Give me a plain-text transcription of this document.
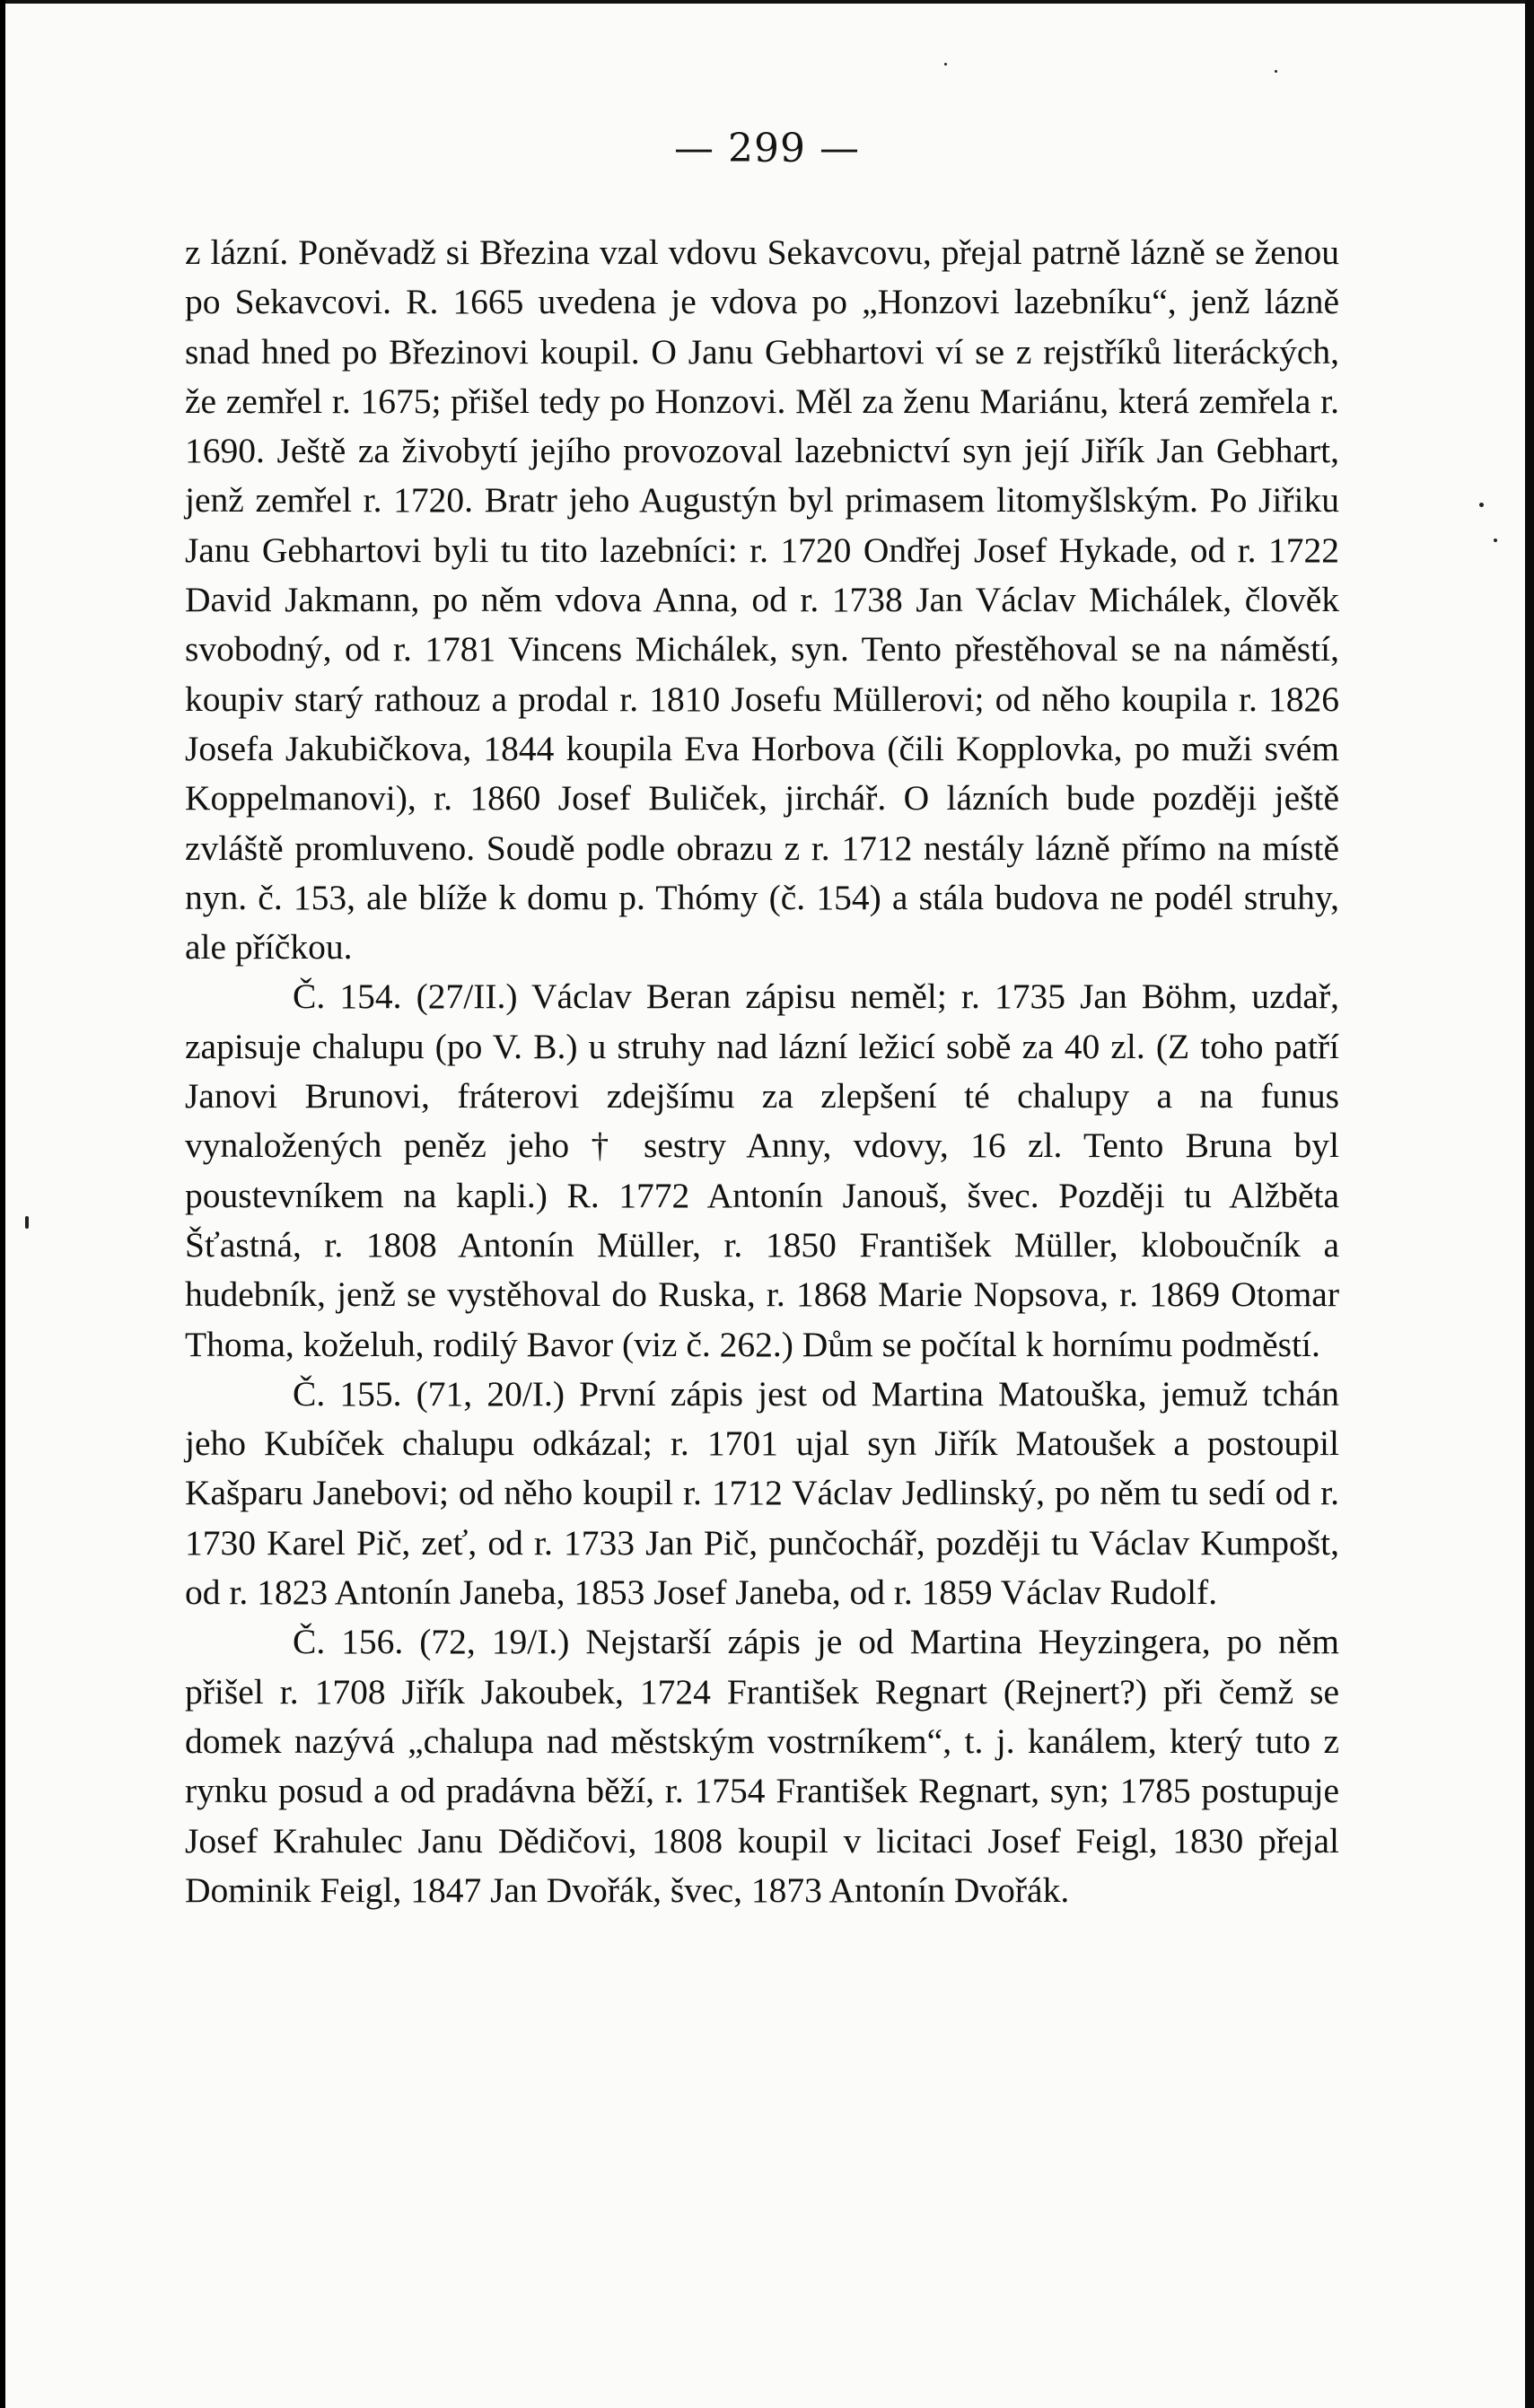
— 299 —

z lázní. Poněvadž si Březina vzal vdovu Sekavcovu, přejal patrně lázně se ženou po Sekavcovi. R. 1665 uvedena je vdova po „Honzovi lazebníku“, jenž lázně snad hned po Březinovi koupil. O Janu Gebhartovi ví se z rejstříků literáckých, že zemřel r. 1675; přišel tedy po Honzovi. Měl za ženu Mariánu, která zemřela r. 1690. Ještě za živobytí jejího provozoval lazebnictví syn její Jiřík Jan Gebhart, jenž zemřel r. 1720. Bratr jeho Augustýn byl primasem litomyšlským. Po Jiřiku Janu Gebhartovi byli tu tito lazebníci: r. 1720 Ondřej Josef Hykade, od r. 1722 David Jakmann, po něm vdova Anna, od r. 1738 Jan Václav Michálek, člověk svobodný, od r. 1781 Vincens Michálek, syn. Tento přestěhoval se na náměstí, koupiv starý rathouz a prodal r. 1810 Josefu Müllerovi; od něho koupila r. 1826 Josefa Jakubičkova, 1844 koupila Eva Horbova (čili Kopplovka, po muži svém Koppelmanovi), r. 1860 Josef Buliček, jirchář. O lázních bude později ještě zvláště promluveno. Soudě podle obrazu z r. 1712 nestály lázně přímo na místě nyn. č. 153, ale blíže k domu p. Thómy (č. 154) a stála budova ne podél struhy, ale příčkou.

Č. 154. (27/II.) Václav Beran zápisu neměl; r. 1735 Jan Böhm, uzdař, zapisuje chalupu (po V. B.) u struhy nad lázní ležicí sobě za 40 zl. (Z toho patří Janovi Brunovi, fráterovi zdejšímu za zlepšení té chalupy a na funus vynaložených peněz jeho † sestry Anny, vdovy, 16 zl. Tento Bruna byl poustevníkem na kapli.) R. 1772 Antonín Janouš, švec. Později tu Alžběta Šťastná, r. 1808 Antonín Müller, r. 1850 František Müller, kloboučník a hudebník, jenž se vystěhoval do Ruska, r. 1868 Marie Nopsova, r. 1869 Otomar Thoma, koželuh, rodilý Bavor (viz č. 262.) Dům se počítal k hornímu podměstí.

Č. 155. (71, 20/I.) První zápis jest od Martina Matouška, jemuž tchán jeho Kubíček chalupu odkázal; r. 1701 ujal syn Jiřík Matoušek a postoupil Kašparu Janebovi; od něho koupil r. 1712 Václav Jedlinský, po něm tu sedí od r. 1730 Karel Pič, zeť, od r. 1733 Jan Pič, punčochář, později tu Václav Kumpošt, od r. 1823 Antonín Janeba, 1853 Josef Janeba, od r. 1859 Václav Rudolf.

Č. 156. (72, 19/I.) Nejstarší zápis je od Martina Heyzingera, po něm přišel r. 1708 Jiřík Jakoubek, 1724 František Regnart (Rejnert?) při čemž se domek nazývá „chalupa nad městským vostrníkem“, t. j. kanálem, který tuto z rynku posud a od pradávna běží, r. 1754 František Regnart, syn; 1785 postupuje Josef Krahulec Janu Dědičovi, 1808 koupil v licitaci Josef Feigl, 1830 přejal Dominik Feigl, 1847 Jan Dvořák, švec, 1873 Antonín Dvořák.
